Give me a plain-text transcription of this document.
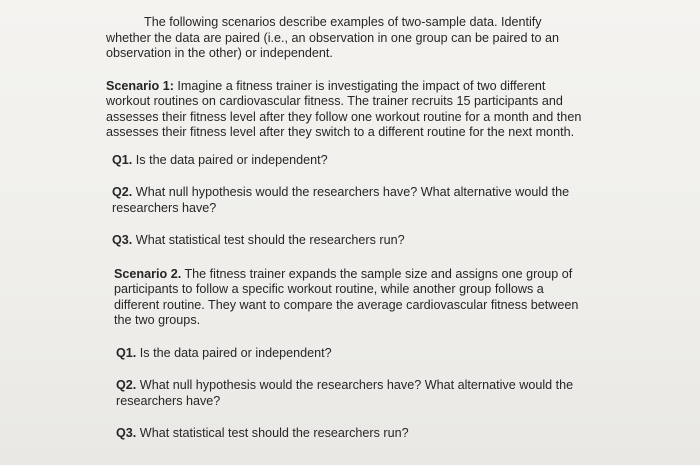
The following scenarios describe examples of two-sample data. Identify whether the data are paired (i.e., an observation in one group can be paired to an observation in the other) or independent.

Scenario 1: Imagine a fitness trainer is investigating the impact of two different workout routines on cardiovascular fitness. The trainer recruits 15 participants and assesses their fitness level after they follow one workout routine for a month and then assesses their fitness level after they switch to a different routine for the next month.

Q1. Is the data paired or independent?

Q2. What null hypothesis would the researchers have? What alternative would the researchers have?

Q3. What statistical test should the researchers run?

Scenario 2. The fitness trainer expands the sample size and assigns one group of participants to follow a specific workout routine, while another group follows a different routine. They want to compare the average cardiovascular fitness between the two groups.

Q1. Is the data paired or independent?

Q2. What null hypothesis would the researchers have? What alternative would the researchers have?

Q3. What statistical test should the researchers run?
